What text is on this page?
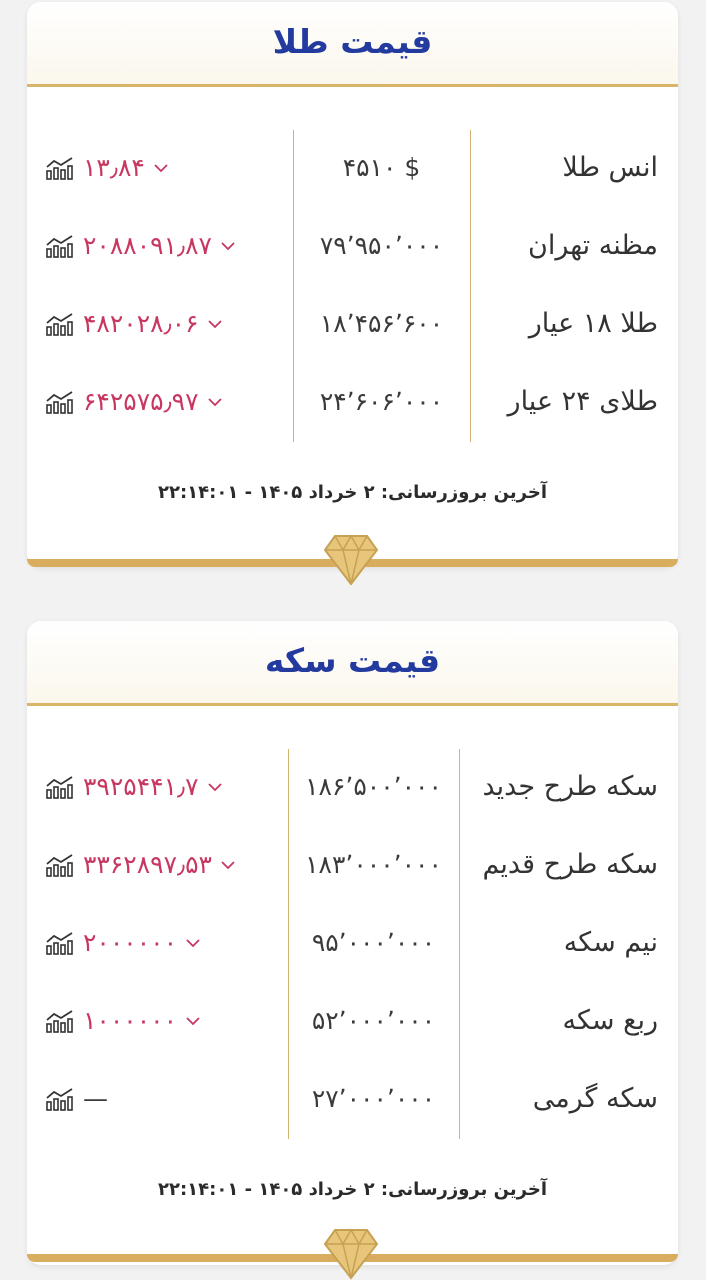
قیمت طلا
انس طلا
۴۵۱۰ $
۱۳٫۸۴
مظنه تهران
۷۹٬۹۵۰٬۰۰۰
۲۰۸۸۰۹۱٫۸۷
طلا ۱۸ عیار
۱۸٬۴۵۶٬۶۰۰
۴۸۲۰۲۸٫۰۶
طلای ۲۴ عیار
۲۴٬۶۰۶٬۰۰۰
۶۴۲۵۷۵٫۹۷
آخرین بروزرسانی: ۲ خرداد ۱۴۰۵ - ۲۲:۱۴:۰۱
قیمت سکه
سکه طرح جدید
۱۸۶٬۵۰۰٬۰۰۰
۳۹۲۵۴۴۱٫۷
سکه طرح قدیم
۱۸۳٬۰۰۰٬۰۰۰
۳۳۶۲۸۹۷٫۵۳
نیم سکه
۹۵٬۰۰۰٬۰۰۰
۲۰۰۰۰۰۰
ربع سکه
۵۲٬۰۰۰٬۰۰۰
۱۰۰۰۰۰۰
سکه گرمی
۲۷٬۰۰۰٬۰۰۰
—
آخرین بروزرسانی: ۲ خرداد ۱۴۰۵ - ۲۲:۱۴:۰۱
